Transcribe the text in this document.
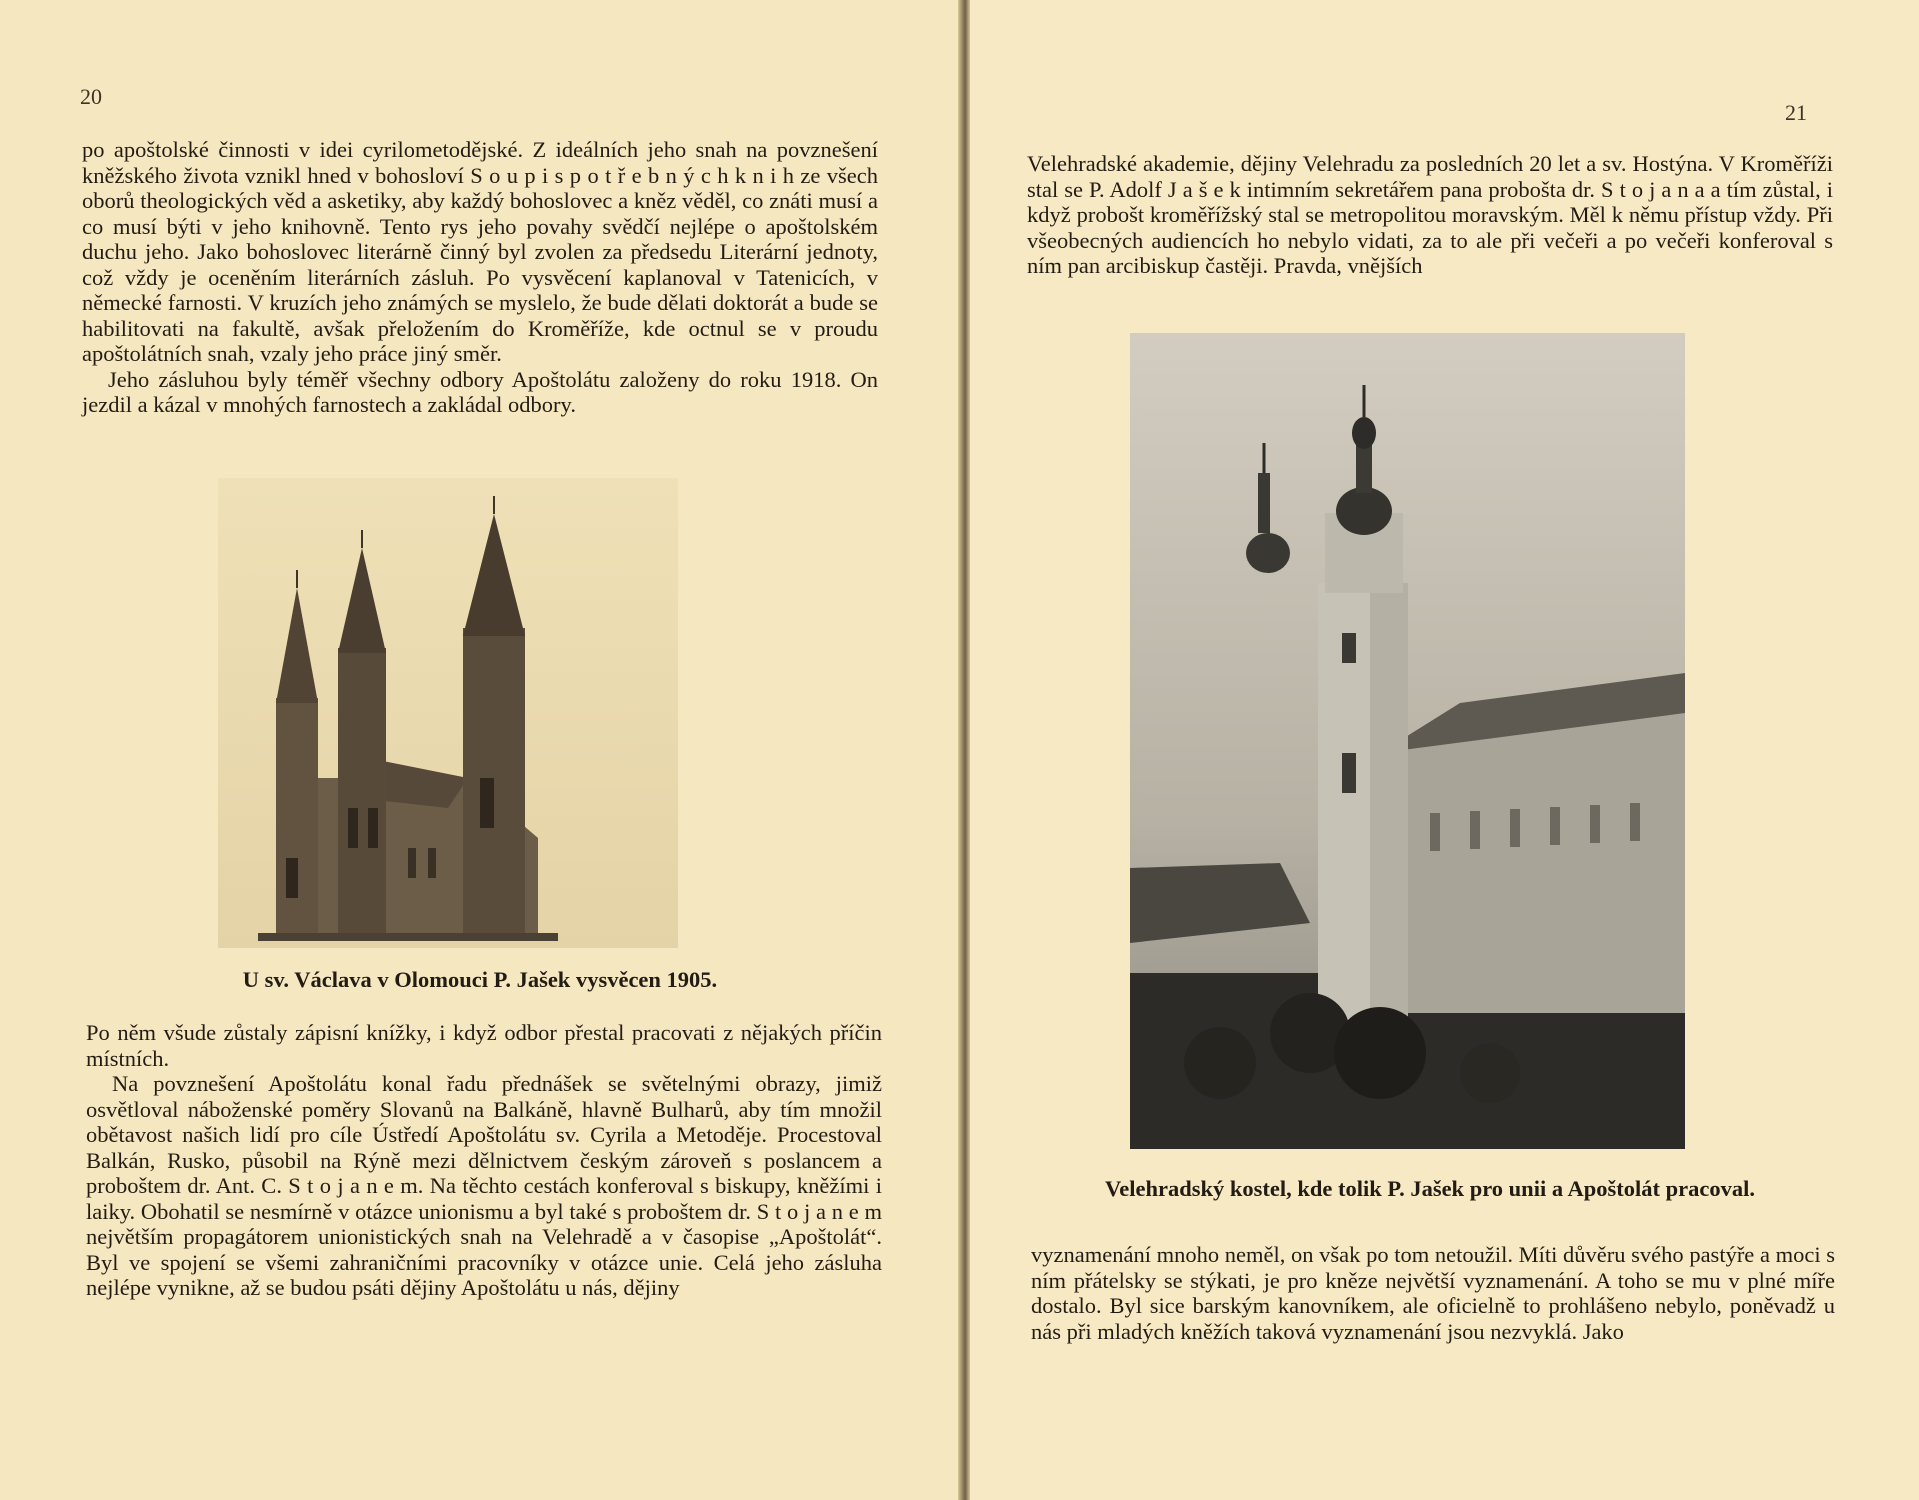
20

po apoštolské činnosti v idei cyrilometodějské. Z ideálních jeho snah na povznešení kněžského života vznikl hned v bohosloví S o u p i s p o t ř e b n ý c h k n i h ze všech oborů theologických věd a asketiky, aby každý bohoslovec a kněz věděl, co znáti musí a co musí býti v jeho knihovně. Tento rys jeho povahy svědčí nejlépe o apoštolském duchu jeho. Jako bohoslovec literárně činný byl zvolen za předsedu Literární jednoty, což vždy je oceněním literárních zásluh. Po vysvěcení kaplanoval v Tatenicích, v německé farnosti. V kruzích jeho známých se myslelo, že bude dělati doktorát a bude se habilitovati na fakultě, avšak přeložením do Kroměříže, kde octnul se v proudu apoštolátních snah, vzaly jeho práce jiný směr.

Jeho zásluhou byly téměř všechny odbory Apoštolátu založeny do roku 1918. On jezdil a kázal v mnohých farnostech a zakládal odbory.

U sv. Václava v Olomouci P. Jašek vysvěcen 1905.

Po něm všude zůstaly zápisní knížky, i když odbor přestal pracovati z nějakých příčin místních.

Na povznešení Apoštolátu konal řadu přednášek se světelnými obrazy, jimiž osvětloval náboženské poměry Slovanů na Balkáně, hlavně Bulharů, aby tím množil obětavost našich lidí pro cíle Ústředí Apoštolátu sv. Cyrila a Metoděje. Procestoval Balkán, Rusko, působil na Rýně mezi dělnictvem českým zároveň s poslancem a proboštem dr. Ant. C. S t o j a n e m. Na těchto cestách konferoval s biskupy, kněžími i laiky. Obohatil se nesmírně v otázce unionismu a byl také s proboštem dr. S t o j a n e m největším propagátorem unionistických snah na Velehradě a v časopise „Apoštolát“. Byl ve spojení se všemi zahraničními pracovníky v otázce unie. Celá jeho zásluha nejlépe vynikne, až se budou psáti dějiny Apoštolátu u nás, dějiny

21

Velehradské akademie, dějiny Velehradu za posledních 20 let a sv. Hostýna. V Kroměříži stal se P. Adolf J a š e k intimním sekretářem pana probošta dr. S t o j a n a a tím zůstal, i když probošt kroměřížský stal se metropolitou moravským. Měl k němu přístup vždy. Při všeobecných audiencích ho nebylo vidati, za to ale při večeři a po večeři konferoval s ním pan arcibiskup častěji. Pravda, vnějších

Velehradský kostel, kde tolik P. Jašek pro unii a Apoštolát pracoval.

vyznamenání mnoho neměl, on však po tom netoužil. Míti důvěru svého pastýře a moci s ním přátelsky se stýkati, je pro kněze největší vyznamenání. A toho se mu v plné míře dostalo. Byl sice barským kanovníkem, ale oficielně to prohlášeno nebylo, poněvadž u nás při mladých kněžích taková vyznamenání jsou nezvyklá. Jako
